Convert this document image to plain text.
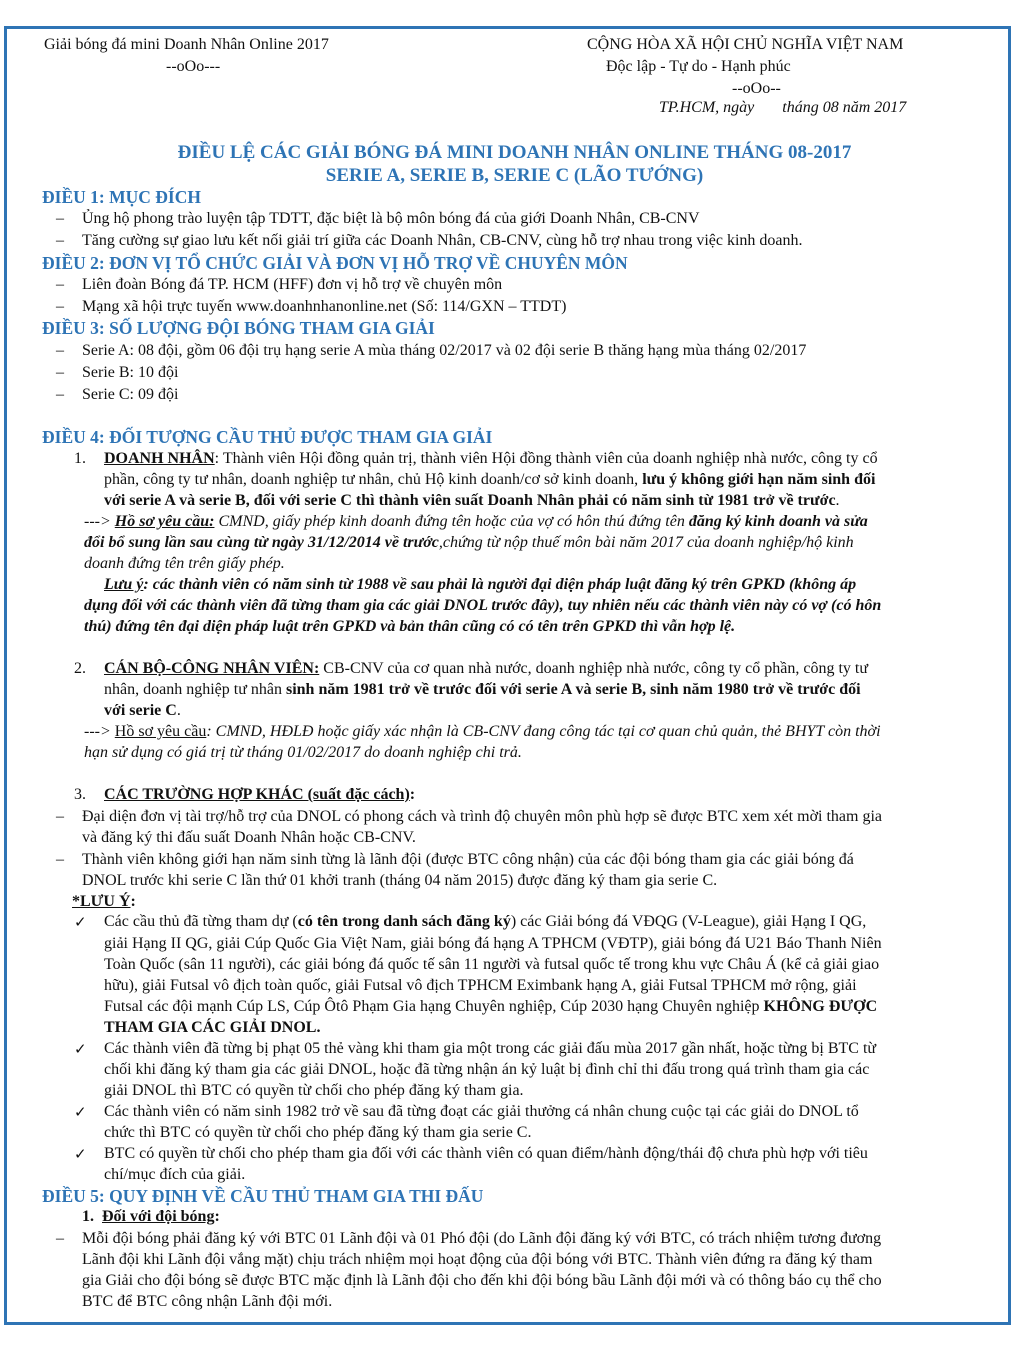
Giải bóng đá mini Doanh Nhân Online 2017
--oOo---
CỘNG HÒA XÃ HỘI CHỦ NGHĨA VIỆT NAM
Độc lập - Tự do - Hạnh phúc
--oOo--
TP.HCM, ngày       tháng 08 năm 2017
ĐIỀU LỆ CÁC GIẢI BÓNG ĐÁ MINI DOANH NHÂN ONLINE THÁNG 08-2017
SERIE A, SERIE B, SERIE C (LÃO TƯỚNG)
ĐIỀU 1: MỤC ĐÍCH
– Ủng hộ phong trào luyện tập TDTT, đặc biệt là bộ môn bóng đá của giới Doanh Nhân, CB-CNV
– Tăng cường sự giao lưu kết nối giải trí giữa các Doanh Nhân, CB-CNV, cùng hỗ trợ nhau trong việc kinh doanh.
ĐIỀU 2: ĐƠN VỊ TỔ CHỨC GIẢI VÀ ĐƠN VỊ HỖ TRỢ VỀ CHUYÊN MÔN
– Liên đoàn Bóng đá TP. HCM (HFF) đơn vị hỗ trợ về chuyên môn
– Mạng xã hội trực tuyến www.doanhnhanonline.net (Số: 114/GXN – TTDT)
ĐIỀU 3: SỐ LƯỢNG ĐỘI BÓNG THAM GIA GIẢI
– Serie A: 08 đội, gồm 06 đội trụ hạng serie A mùa tháng 02/2017 và 02 đội serie B thăng hạng mùa tháng 02/2017
– Serie B: 10 đội
– Serie C: 09 đội
ĐIỀU 4: ĐỐI TƯỢNG CẦU THỦ ĐƯỢC THAM GIA GIẢI
1. DOANH NHÂN: Thành viên Hội đồng quản trị, thành viên Hội đồng thành viên của doanh nghiệp nhà nước, công ty cổ
phần, công ty tư nhân, doanh nghiệp tư nhân, chủ Hộ kinh doanh/cơ sở kinh doanh, lưu ý không giới hạn năm sinh đối
với serie A và serie B, đối với serie C thì thành viên suất Doanh Nhân phải có năm sinh từ 1981 trở về trước.
---> Hồ sơ yêu cầu: CMND, giấy phép kinh doanh đứng tên hoặc của vợ có hôn thú đứng tên đăng ký kinh doanh và sửa
đổi bổ sung lần sau cùng từ ngày 31/12/2014 về trước,chứng từ nộp thuế môn bài năm 2017 của doanh nghiệp/hộ kinh
doanh đứng tên trên giấy phép.
Lưu ý: các thành viên có năm sinh từ 1988 về sau phải là người đại diện pháp luật đăng ký trên GPKD (không áp
dụng đối với các thành viên đã từng tham gia các giải DNOL trước đây), tuy nhiên nếu các thành viên này có vợ (có hôn
thú) đứng tên đại diện pháp luật trên GPKD và bản thân cũng có có tên trên GPKD thì vẫn hợp lệ.
2. CÁN BỘ-CÔNG NHÂN VIÊN: CB-CNV của cơ quan nhà nước, doanh nghiệp nhà nước, công ty cổ phần, công ty tư
nhân, doanh nghiệp tư nhân sinh năm 1981 trở về trước đối với serie A và serie B, sinh năm 1980 trở về trước đối
với serie C.
---> Hồ sơ yêu cầu: CMND, HĐLĐ hoặc giấy xác nhận là CB-CNV đang công tác tại cơ quan chủ quản, thẻ BHYT còn thời
hạn sử dụng có giá trị từ tháng 01/02/2017 do doanh nghiệp chi trả.
3. CÁC TRƯỜNG HỢP KHÁC (suất đặc cách):
– Đại diện đơn vị tài trợ/hỗ trợ của DNOL có phong cách và trình độ chuyên môn phù hợp sẽ được BTC xem xét mời tham gia
và đăng ký thi đấu suất Doanh Nhân hoặc CB-CNV.
– Thành viên không giới hạn năm sinh từng là lãnh đội (được BTC công nhận) của các đội bóng tham gia các giải bóng đá
DNOL trước khi serie C lần thứ 01 khởi tranh (tháng 04 năm 2015) được đăng ký tham gia serie C.
*LƯU Ý:
✓ Các cầu thủ đã từng tham dự (có tên trong danh sách đăng ký) các Giải bóng đá VĐQG (V-League), giải Hạng I QG,
giải Hạng II QG, giải Cúp Quốc Gia Việt Nam, giải bóng đá hạng A TPHCM (VĐTP), giải bóng đá U21 Báo Thanh Niên
Toàn Quốc (sân 11 người), các giải bóng đá quốc tế sân 11 người và futsal quốc tế trong khu vực Châu Á (kể cả giải giao
hữu), giải Futsal vô địch toàn quốc, giải Futsal vô địch TPHCM Eximbank hạng A, giải Futsal TPHCM mở rộng, giải
Futsal các đội mạnh Cúp LS, Cúp Ôtô Phạm Gia hạng Chuyên nghiệp, Cúp 2030 hạng Chuyên nghiệp KHÔNG ĐƯỢC
THAM GIA CÁC GIẢI DNOL.
✓ Các thành viên đã từng bị phạt 05 thẻ vàng khi tham gia một trong các giải đấu mùa 2017 gần nhất, hoặc từng bị BTC từ
chối khi đăng ký tham gia các giải DNOL, hoặc đã từng nhận án kỷ luật bị đình chỉ thi đấu trong quá trình tham gia các
giải DNOL thì BTC có quyền từ chối cho phép đăng ký tham gia.
✓ Các thành viên có năm sinh 1982 trở về sau đã từng đoạt các giải thưởng cá nhân chung cuộc tại các giải do DNOL tổ
chức thì BTC có quyền từ chối cho phép đăng ký tham gia serie C.
✓ BTC có quyền từ chối cho phép tham gia đối với các thành viên có quan điểm/hành động/thái độ chưa phù hợp với tiêu
chí/mục đích của giải.
ĐIỀU 5: QUY ĐỊNH VỀ CẦU THỦ THAM GIA THI ĐẤU
1. Đối với đội bóng:
– Mỗi đội bóng phải đăng ký với BTC 01 Lãnh đội và 01 Phó đội (do Lãnh đội đăng ký với BTC, có trách nhiệm tương đương
Lãnh đội khi Lãnh đội vắng mặt) chịu trách nhiệm mọi hoạt động của đội bóng với BTC. Thành viên đứng ra đăng ký tham
gia Giải cho đội bóng sẽ được BTC mặc định là Lãnh đội cho đến khi đội bóng bầu Lãnh đội mới và có thông báo cụ thể cho
BTC để BTC công nhận Lãnh đội mới.
